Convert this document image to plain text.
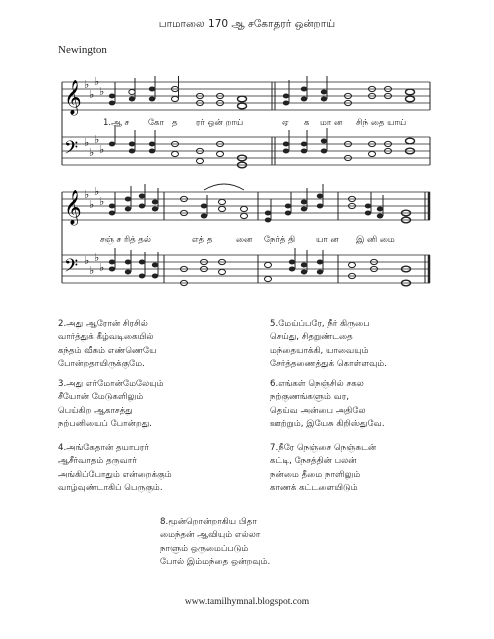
பாமாலை 170 ஆ சகோதரர் ஒன்றாய்
Newington
𝄞
𝄢
♭
♭
♭
♭
♭
♭
♭
♭
1.ஆ ச கோ த ரர் ஒன் றாய்	ஏ க மா ன சிந் தை யாய்
𝄞
𝄢
♭
♭
♭
♭
♭
♭
♭
♭
சஞ் ச ரித் தல்	எத் த	னை நேர்த் தி யா ன இ னி மை
2.அது ஆரோன் சிரசில்
வார்த்துக் கீழ்வடிகையில்
கந்தம் வீசும் எண்ணெயே
போன்றதாயிருக்குமே.
5.மேய்ப்பரே, நீர் கிருபை
செய்து, சிதறுண்டதை
மந்தையாக்கி, யாவையும்
சேர்த்தணைத்துக் கொள்ளவும்.
3.அது எர்மோன்மேலேயும்
சீயோன் மேடுகளிலும்
பெய்கிற ஆகாசத்து
நற்பனியைப் போன்றது.
6.எங்கள் நெஞ்சில் சகல
நற்குணங்களும் வர,
தெய்வ அன்பை அதிலே
ஊற்றும், இயேசு கிறிஸ்துவே.
4.அங்கேதான் தயாபரர்
ஆசீர்வாதம் தருவார்
அங்கிப்போதும் என்றைக்கும்
வாழ்வுண்டாகிப் பெருகும்.
7.நீரே நெஞ்சை நெஞ்சுடன்
கட்டி, நேசத்தின் பலன்
நன்மை தீமை நாளிலும்
காணக் கட்டளையிடும்
8.மூன்றொன்றாகிய பிதா
மைந்தன் ஆவியும் எல்லா
நாளும் ஒருமைப்படும்
போல் இம்மந்தை ஒன்றவும்.
www.tamilhymnal.blogspot.com
